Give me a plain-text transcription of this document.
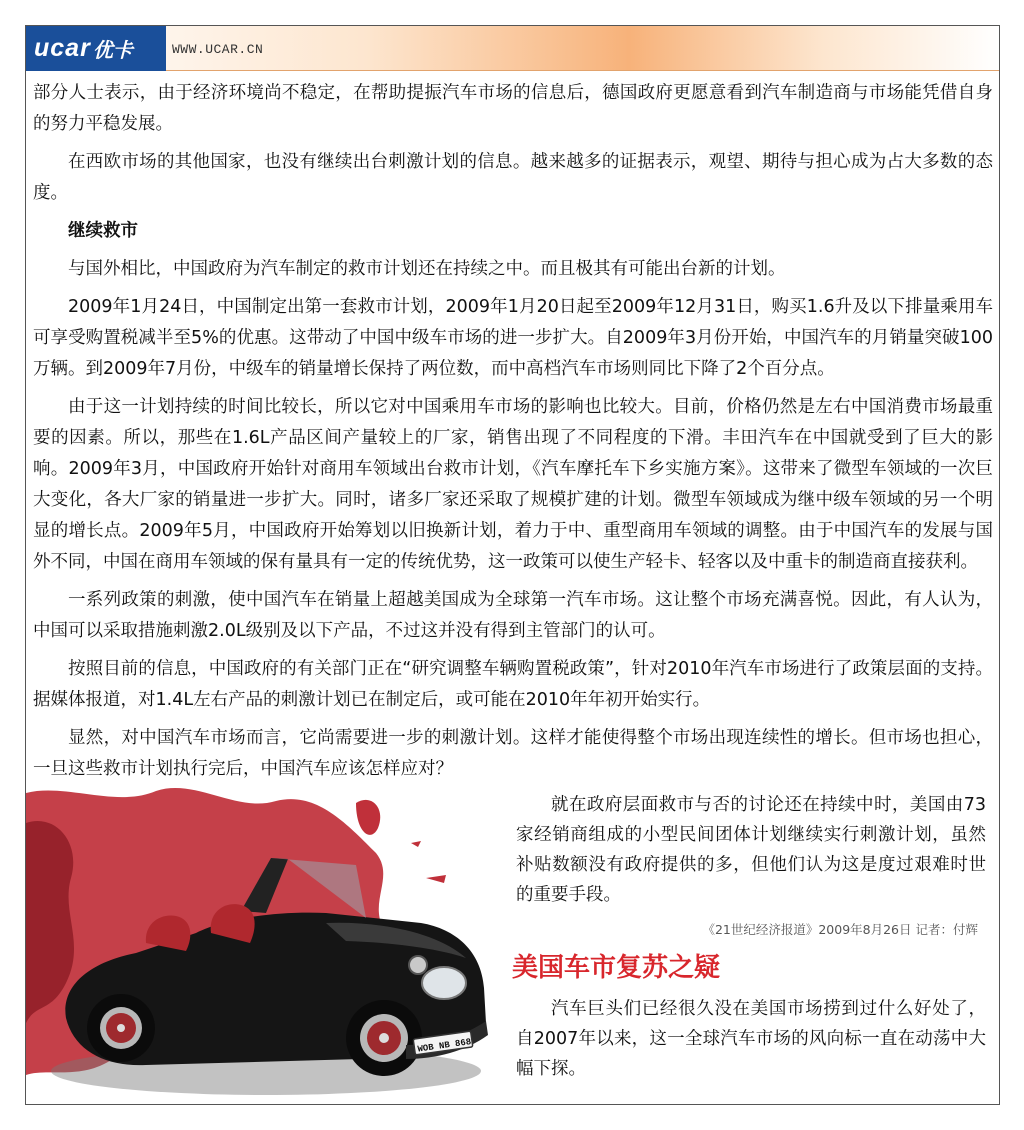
ucar 优卡	WWW.UCAR.CN

部分人士表示，由于经济环境尚不稳定，在帮助提振汽车市场的信息后，德国政府更愿意看到汽车制造商与市场能凭借自身的努力平稳发展。

在西欧市场的其他国家，也没有继续出台刺激计划的信息。越来越多的证据表示，观望、期待与担心成为占大多数的态度。

继续救市

与国外相比，中国政府为汽车制定的救市计划还在持续之中。而且极其有可能出台新的计划。

2009年1月24日，中国制定出第一套救市计划，2009年1月20日起至2009年12月31日，购买1.6升及以下排量乘用车可享受购置税减半至5%的优惠。这带动了中国中级车市场的进一步扩大。自2009年3月份开始，中国汽车的月销量突破100万辆。到2009年7月份，中级车的销量增长保持了两位数，而中高档汽车市场则同比下降了2个百分点。

由于这一计划持续的时间比较长，所以它对中国乘用车市场的影响也比较大。目前，价格仍然是左右中国消费市场最重要的因素。所以，那些在1.6L产品区间产量较上的厂家，销售出现了不同程度的下滑。丰田汽车在中国就受到了巨大的影响。2009年3月，中国政府开始针对商用车领域出台救市计划，《汽车摩托车下乡实施方案》。这带来了微型车领域的一次巨大变化，各大厂家的销量进一步扩大。同时，诸多厂家还采取了规模扩建的计划。微型车领域成为继中级车领域的另一个明显的增长点。2009年5月，中国政府开始筹划以旧换新计划，着力于中、重型商用车领域的调整。由于中国汽车的发展与国外不同，中国在商用车领域的保有量具有一定的传统优势，这一政策可以使生产轻卡、轻客以及中重卡的制造商直接获利。

一系列政策的刺激，使中国汽车在销量上超越美国成为全球第一汽车市场。这让整个市场充满喜悦。因此，有人认为，中国可以采取措施刺激2.0L级别及以下产品，不过这并没有得到主管部门的认可。

按照目前的信息，中国政府的有关部门正在“研究调整车辆购置税政策”，针对2010年汽车市场进行了政策层面的支持。据媒体报道，对1.4L左右产品的刺激计划已在制定后，或可能在2010年年初开始实行。

显然，对中国汽车市场而言，它尚需要进一步的刺激计划。这样才能使得整个市场出现连续性的增长。但市场也担心，一旦这些救市计划执行完后，中国汽车应该怎样应对？

WOB NB 868

就在政府层面救市与否的讨论还在持续中时，美国由73家经销商组成的小型民间团体计划继续实行刺激计划，虽然补贴数额没有政府提供的多，但他们认为这是度过艰难时世的重要手段。

《21世纪经济报道》2009年8月26日 记者：付辉
美国车市复苏之疑

汽车巨头们已经很久没在美国市场捞到过什么好处了，自2007年以来，这一全球汽车市场的风向标一直在动荡中大幅下探。
